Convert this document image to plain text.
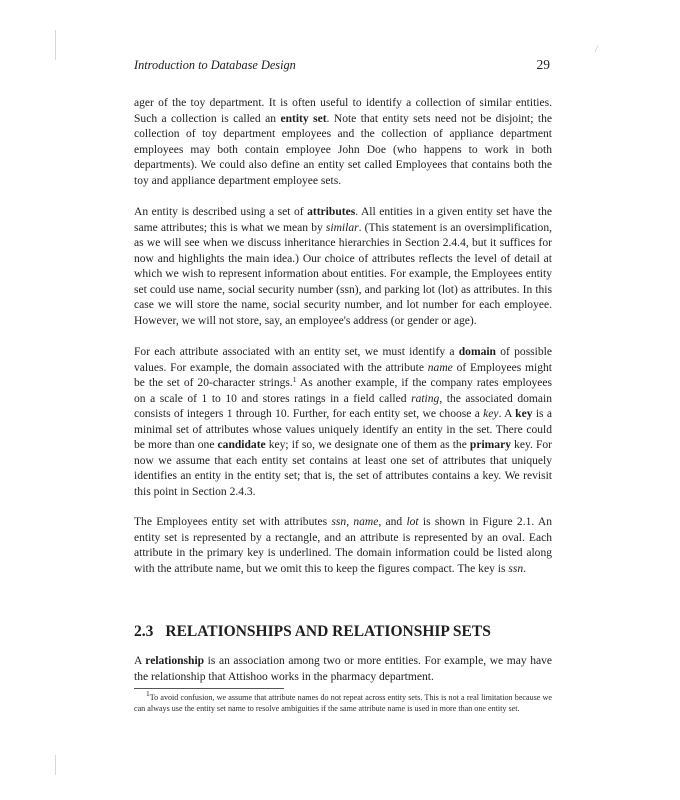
/
Introduction to Database Design	29

ager of the toy department. It is often useful to identify a collection of similar entities. Such a collection is called an entity set. Note that entity sets need not be disjoint; the collection of toy department employees and the collection of appliance department employees may both contain employee John Doe (who happens to work in both departments). We could also define an entity set called Employees that contains both the toy and appliance department employee sets.

An entity is described using a set of attributes. All entities in a given entity set have the same attributes; this is what we mean by similar. (This statement is an oversimplification, as we will see when we discuss inheritance hierarchies in Section 2.4.4, but it suffices for now and highlights the main idea.) Our choice of attributes reflects the level of detail at which we wish to represent information about entities. For example, the Employees entity set could use name, social security number (ssn), and parking lot (lot) as attributes. In this case we will store the name, social security number, and lot number for each employee. However, we will not store, say, an employee's address (or gender or age).

For each attribute associated with an entity set, we must identify a domain of possible values. For example, the domain associated with the attribute name of Employees might be the set of 20-character strings.$^1$ As another example, if the company rates employees on a scale of 1 to 10 and stores ratings in a field called rating, the associated domain consists of integers 1 through 10. Further, for each entity set, we choose a key. A key is a minimal set of attributes whose values uniquely identify an entity in the set. There could be more than one candidate key; if so, we designate one of them as the primary key. For now we assume that each entity set contains at least one set of attributes that uniquely identifies an entity in the entity set; that is, the set of attributes contains a key. We revisit this point in Section 2.4.3.

The Employees entity set with attributes ssn, name, and lot is shown in Figure 2.1. An entity set is represented by a rectangle, and an attribute is represented by an oval. Each attribute in the primary key is underlined. The domain information could be listed along with the attribute name, but we omit this to keep the figures compact. The key is ssn.

2.3 RELATIONSHIPS AND RELATIONSHIP SETS

A relationship is an association among two or more entities. For example, we may have the relationship that Attishoo works in the pharmacy department.

$^1$To avoid confusion, we assume that attribute names do not repeat across entity sets. This is not a real limitation because we can always use the entity set name to resolve ambiguities if the same attribute name is used in more than one entity set.
